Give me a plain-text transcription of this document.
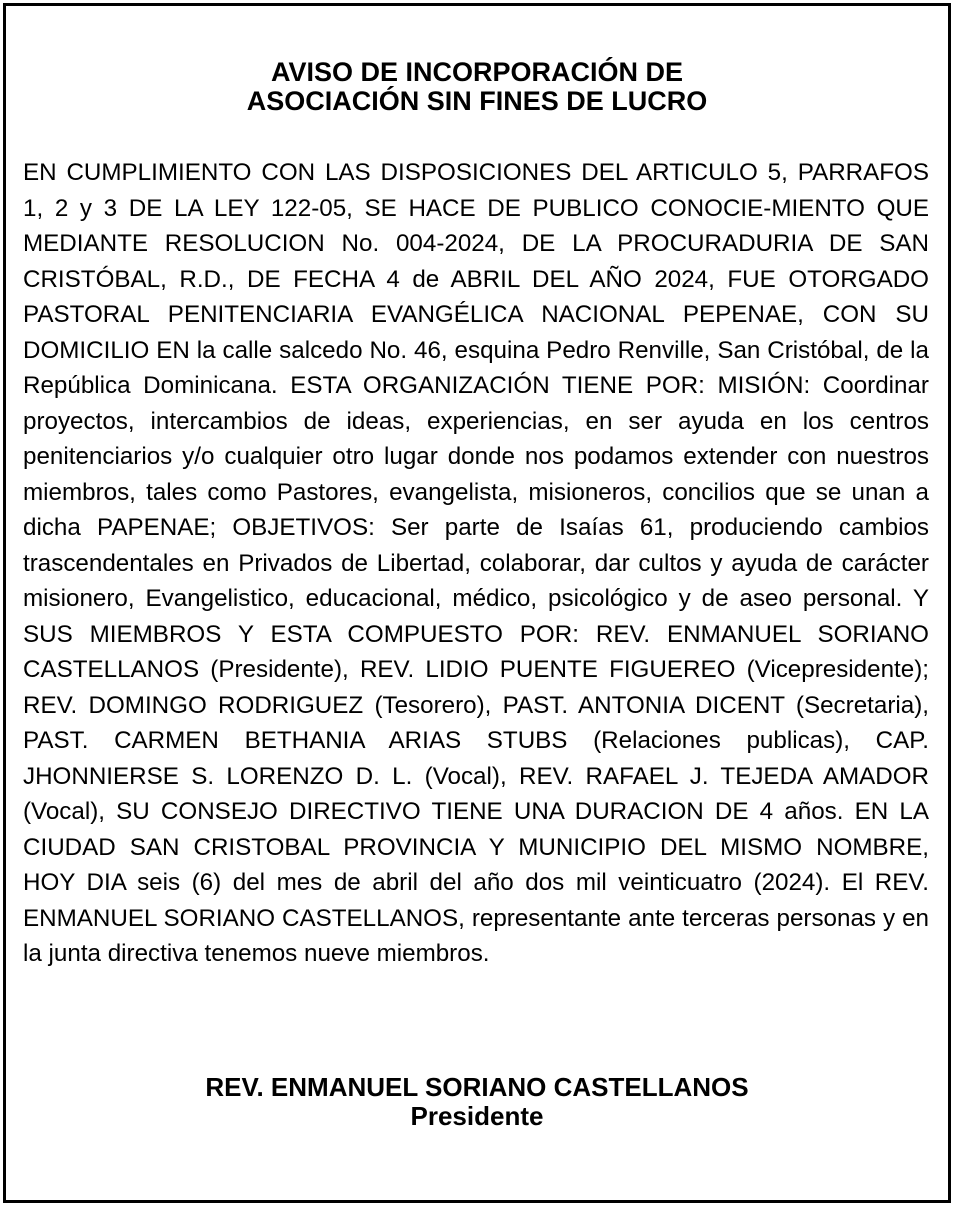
AVISO DE INCORPORACIÓN DE
ASOCIACIÓN SIN FINES DE LUCRO

EN CUMPLIMIENTO CON LAS DISPOSICIONES DEL ARTICULO 5, PARRAFOS 1, 2 y 3 DE LA LEY 122-05, SE HACE DE PUBLICO CONOCIE-MIENTO QUE MEDIANTE RESOLUCION No. 004-2024, DE LA PROCURADURIA DE SAN CRISTÓBAL, R.D., DE FECHA 4 de ABRIL DEL AÑO 2024, FUE OTORGADO PASTORAL PENITENCIARIA EVANGÉLICA NACIONAL PEPENAE, CON SU DOMICILIO EN la calle salcedo No. 46, esquina Pedro Renville, San Cristóbal, de la República Dominicana. ESTA ORGANIZACIÓN TIENE POR: MISIÓN: Coordinar proyectos, intercambios de ideas, experiencias, en ser ayuda en los centros penitenciarios y/o cualquier otro lugar donde nos podamos extender con nuestros miembros, tales como Pastores, evangelista, misioneros, concilios que se unan a dicha PAPENAE; OBJETIVOS: Ser parte de Isaías 61, produciendo cambios trascendentales en Privados de Libertad, colaborar, dar cultos y ayuda de carácter misionero, Evangelistico, educacional, médico, psicológico y de aseo personal. Y SUS MIEMBROS Y ESTA COMPUESTO POR: REV. ENMANUEL SORIANO CASTELLANOS (Presidente), REV. LIDIO PUENTE FIGUEREO (Vicepresidente); REV. DOMINGO RODRIGUEZ (Tesorero), PAST. ANTONIA DICENT (Secretaria), PAST. CARMEN BETHANIA ARIAS STUBS (Relaciones publicas), CAP. JHONNIERSE S. LORENZO D. L. (Vocal), REV. RAFAEL J. TEJEDA AMADOR (Vocal), SU CONSEJO DIRECTIVO TIENE UNA DURACION DE 4 años. EN LA CIUDAD SAN CRISTOBAL PROVINCIA Y MUNICIPIO DEL MISMO NOMBRE, HOY DIA seis (6) del mes de abril del año dos mil veinticuatro (2024). El REV. ENMANUEL SORIANO CASTELLANOS, representante ante terceras personas y en la junta directiva tenemos nueve miembros.

REV. ENMANUEL SORIANO CASTELLANOS
Presidente
